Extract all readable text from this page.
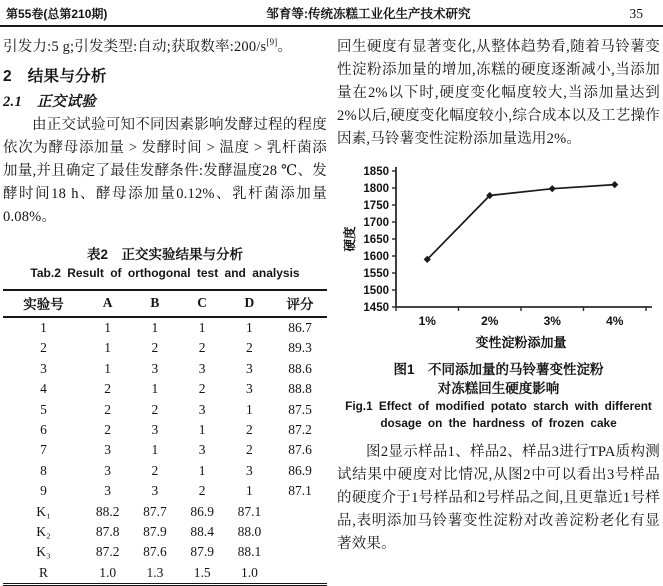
第55卷(总第210期)	邹育等:传统冻糕工业化生产技术研究	35
引发力:5 g;引发类型:自动;获取数率:200/s[9]。
2　结果与分析
2.1　正交试验

由正交试验可知不同因素影响发酵过程的程度依次为酵母添加量 > 发酵时间 > 温度 > 乳杆菌添加量,并且确定了最佳发酵条件:发酵温度28 ℃、发酵时间18 h、酵母添加量0.12%、乳杆菌添加量0.08%。

表2　正交实验结果与分析
Tab.2 Result of orthogonal test and analysis
实验号	A	B	C	D	评分
1	1	1	1	1	86.7
2	1	2	2	2	89.3
3	1	3	3	3	88.6
4	2	1	2	3	88.8
5	2	2	3	1	87.5
6	2	3	1	2	87.2
7	3	1	3	2	87.6
8	3	2	1	3	86.9
9	3	3	2	1	87.1
K₁	88.2	87.7	86.9	87.1	
K₂	87.8	87.9	88.4	88.0	
K₃	87.2	87.6	87.9	88.1	
R	1.0	1.3	1.5	1.0	

回生硬度有显著变化,从整体趋势看,随着马铃薯变性淀粉添加量的增加,冻糕的硬度逐渐减小,当添加量在2%以下时,硬度变化幅度较大,当添加量达到2%以后,硬度变化幅度较小,综合成本以及工艺操作因素,马铃薯变性淀粉添加量选用2%。

1450
1500
1550
1600
1650
1700
1750
1800
1850
1%	2%	3%	4%
硬度
变性淀粉添加量
图1　不同添加量的马铃薯变性淀粉
对冻糕回生硬度影响
Fig.1 Effect of modified potato starch with different
dosage on the hardness of frozen cake

图2显示样品1、样品2、样品3进行TPA质构测试结果中硬度对比情况,从图2中可以看出3号样品的硬度介于1号样品和2号样品之间,且更靠近1号样品,表明添加马铃薯变性淀粉对改善淀粉老化有显著效果。
